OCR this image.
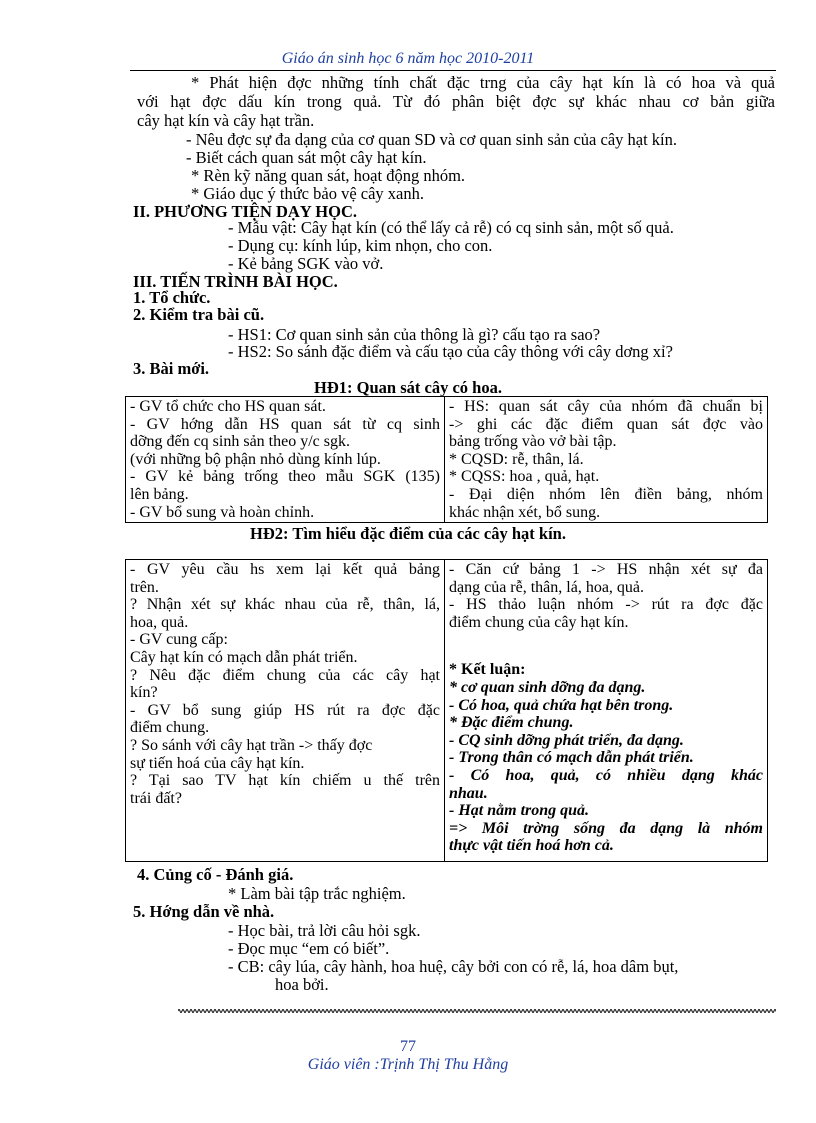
Giáo án sinh học 6 năm học 2010-2011
* Phát hiện đợc những tính chất đặc trng của cây hạt kín là có hoa và quả
với hạt đợc dấu kín trong quả. Từ đó phân biệt đợc sự khác nhau cơ bản giữa
cây hạt kín và cây hạt trần.
- Nêu đợc sự đa dạng của cơ quan SD và cơ quan sinh sản của cây hạt kín.
- Biết cách quan sát một cây hạt kín.
* Rèn kỹ năng quan sát, hoạt động nhóm.
* Giáo dục ý thức bảo vệ cây xanh.
II. PHƯƠNG TIỆN DẠY HỌC.
- Mẫu vật: Cây hạt kín (có thể lấy cả rễ) có cq sinh sản, một số quả.
- Dụng cụ: kính lúp, kim nhọn, cho con.
- Kẻ bảng SGK vào vở.
III. TIẾN TRÌNH BÀI HỌC.
1. Tổ chức.
2. Kiểm tra bài cũ.
- HS1: Cơ quan sinh sản của thông là gì? cấu tạo ra sao?
- HS2: So sánh đặc điểm và cấu tạo của cây thông với cây dơng xỉ?
3. Bài mới.
HĐ1: Quan sát cây có hoa.
- GV tổ chức cho HS quan sát.
- GV hớng dẫn HS quan sát từ cq sinh
dỡng đến cq sinh sản theo y/c sgk.
(với những bộ phận nhỏ dùng kính lúp.
- GV kẻ bảng trống theo mẫu SGK (135)
lên bảng.
- GV bổ sung và hoàn chỉnh.

- HS: quan sát cây của nhóm đã chuẩn bị
-> ghi các đặc điểm quan sát đợc vào
bảng trống vào vở bài tập.
* CQSD: rễ, thân, lá.
* CQSS: hoa , quả, hạt.
- Đại diện nhóm lên điền bảng, nhóm
khác nhận xét, bổ sung.
HĐ2: Tìm hiểu đặc điểm của các cây hạt kín.
- GV yêu cầu hs xem lại kết quả bảng
trên.
? Nhận xét sự khác nhau của rễ, thân, lá,
hoa, quả.
- GV cung cấp:
Cây hạt kín có mạch dẫn phát triển.
? Nêu đặc điểm chung của các cây hạt
kín?
- GV bổ sung giúp HS rút ra đợc đặc
điểm chung.
? So sánh với cây hạt trần -> thấy đợc
sự tiến hoá của cây hạt kín.
? Tại sao TV hạt kín chiếm u thế trên
trái đất?

- Căn cứ bảng 1 -> HS nhận xét sự đa
dạng của rễ, thân, lá, hoa, quả.
- HS thảo luận nhóm -> rút ra đợc đặc
điểm chung của cây hạt kín.
* Kết luận:
* cơ quan sinh dỡng đa dạng.
- Có hoa, quả chứa hạt bên trong.
* Đặc điểm chung.
- CQ sinh dỡng phát triển, đa dạng.
- Trong thân có mạch dẫn phát triển.
- Có hoa, quả, có nhiều dạng khác
nhau.
- Hạt nằm trong quả.
=> Môi trờng sống đa dạng là nhóm
thực vật tiến hoá hơn cả.
4. Củng cố - Đánh giá.
* Làm bài tập trắc nghiệm.
5. Hớng dẫn về nhà.
- Học bài, trả lời câu hỏi sgk.
- Đọc mục “em có biết”.
- CB: cây lúa, cây hành, hoa huệ, cây bởi con có rễ, lá, hoa dâm bụt,
hoa bởi.
77
Giáo viên :Trịnh Thị Thu Hằng
